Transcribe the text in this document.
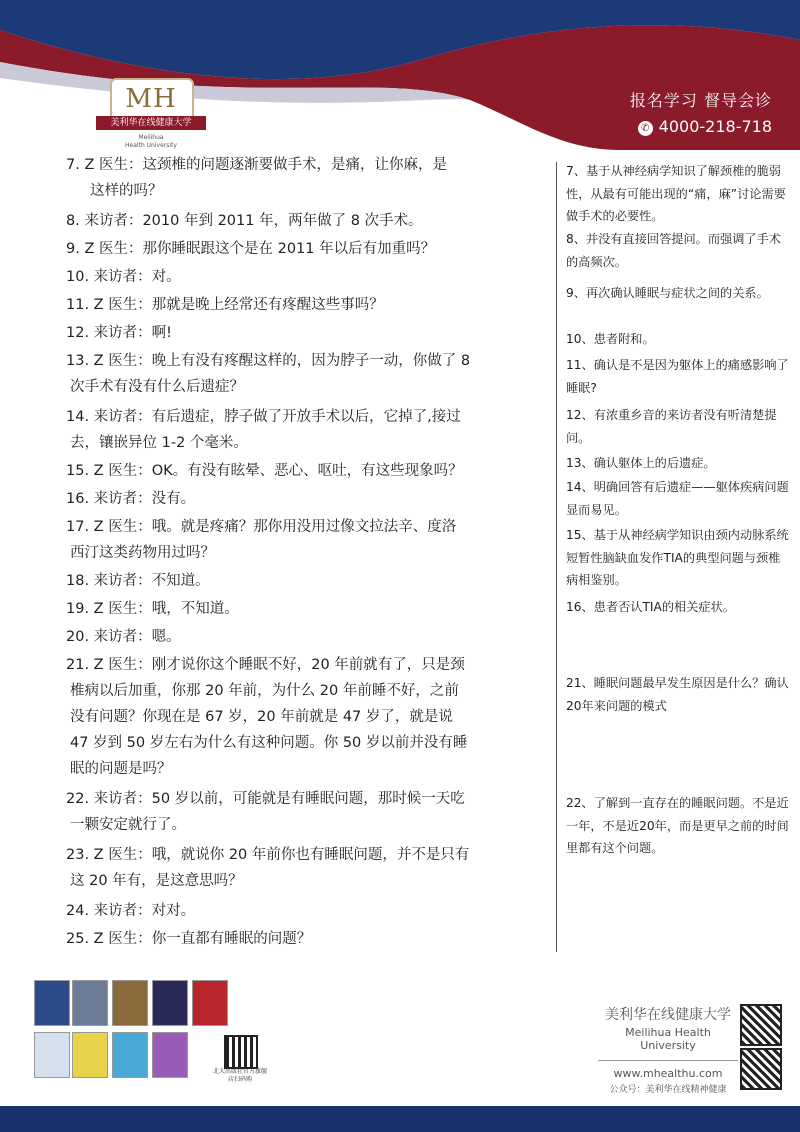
MH
美利华在线健康大学
Meilihua
Health University
报名学习 督导会诊
✆ 4000-218-718
7. Z 医生：这颈椎的问题逐渐要做手术，是痛，让你麻，是
这样的吗？
8. 来访者：2010 年到 2011 年，两年做了 8 次手术。
9. Z 医生：那你睡眠跟这个是在 2011 年以后有加重吗？
10. 来访者：对。
11. Z 医生：那就是晚上经常还有疼醒这些事吗？
12. 来访者：啊!
13. Z 医生：晚上有没有疼醒这样的，因为脖子一动，你做了 8
次手术有没有什么后遗症？
14. 来访者：有后遗症，脖子做了开放手术以后，它掉了,接过
去，镶嵌异位 1-2 个毫米。
15. Z 医生：OK。有没有眩晕、恶心、呕吐，有这些现象吗？
16. 来访者：没有。
17. Z 医生：哦。就是疼痛？那你用没用过像文拉法辛、度洛
西汀这类药物用过吗？
18. 来访者：不知道。
19. Z 医生：哦，不知道。
20. 来访者：嗯。
21. Z 医生：刚才说你这个睡眠不好，20 年前就有了，只是颈
椎病以后加重，你那 20 年前，为什么 20 年前睡不好，之前
没有问题？你现在是 67 岁，20 年前就是 47 岁了，就是说
47 岁到 50 岁左右为什么有这种问题。你 50 岁以前并没有睡
眠的问题是吗？
22. 来访者：50 岁以前，可能就是有睡眠问题，那时候一天吃
一颗安定就行了。
23. Z 医生：哦，就说你 20 年前你也有睡眠问题，并不是只有
这 20 年有，是这意思吗？
24. 来访者：对对。
25. Z 医生：你一直都有睡眠的问题？

7、基于从神经病学知识了解颈椎的脆弱性，从最有可能出现的“痛，麻”讨论需要做手术的必要性。

8、并没有直接回答提问。而强调了手术的高频次。

9、再次确认睡眠与症状之间的关系。

10、患者附和。

11、确认是不是因为躯体上的痛感影响了睡眠?

12、有浓重乡音的来访者没有听清楚提问。

13、确认躯体上的后遗症。

14、明确回答有后遗症——躯体疾病问题显而易见。

15、基于从神经病学知识由颈内动脉系统短暂性脑缺血发作TIA的典型问题与颈椎病相鉴别。

16、患者否认TIA的相关症状。

21、睡眠问题最早发生原因是什么？确认20年来问题的模式

22、了解到一直存在的睡眠问题。不是近一年，不是近20年，而是更早之前的时间里都有这个问题。

北大出版社官方旗舰
店扫码购
美利华在线健康大学
Meilihua Health University
www.mhealthu.com
公众号：美利华在线精神健康
